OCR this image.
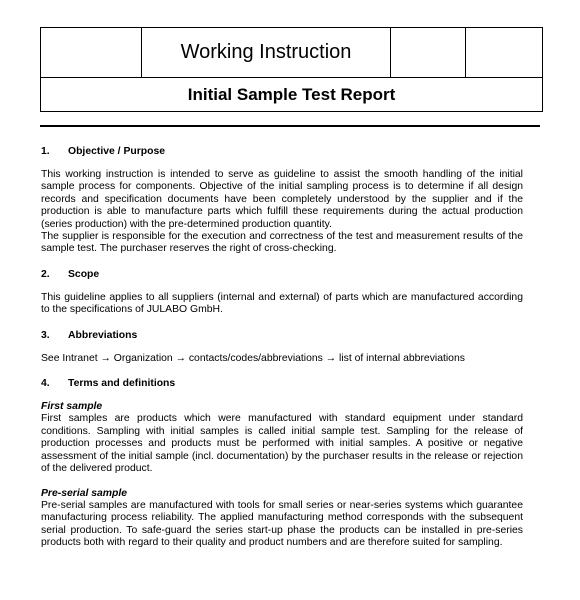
	Working Instruction		
Initial Sample Test Report
1. Objective / Purpose

This working instruction is intended to serve as guideline to assist the smooth handling of the initial sample process for components. Objective of the initial sampling process is to determine if all design records and specification documents have been completely understood by the supplier and if the production is able to manufacture parts which fulfill these requirements during the actual production (series production) with the pre-determined production quantity.

The supplier is responsible for the execution and correctness of the test and measurement results of the sample test. The purchaser reserves the right of cross-checking.

2. Scope

This guideline applies to all suppliers (internal and external) of parts which are manufactured according to the specifications of JULABO GmbH.

3. Abbreviations

See Intranet → Organization → contacts/codes/abbreviations → list of internal abbreviations

4. Terms and definitions

First sample

First samples are products which were manufactured with standard equipment under standard conditions. Sampling with initial samples is called initial sample test. Sampling for the release of production processes and products must be performed with initial samples. A positive or negative assessment of the initial sample (incl. documentation) by the purchaser results in the release or rejection of the delivered product.

Pre-serial sample

Pre-serial samples are manufactured with tools for small series or near-series systems which guarantee manufacturing process reliability. The applied manufacturing method corresponds with the subsequent serial production. To safe-guard the series start-up phase the products can be installed in pre-series products both with regard to their quality and product numbers and are therefore suited for sampling.
